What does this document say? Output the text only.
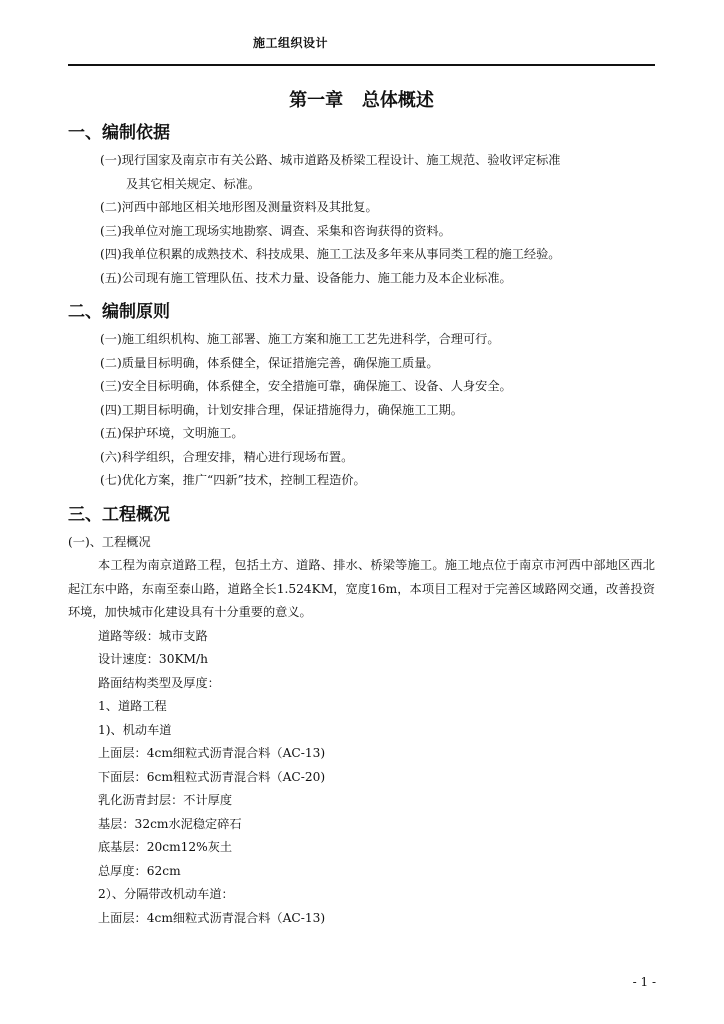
施工组织设计
第一章   总体概述
一、编制依据

(一)现行国家及南京市有关公路、城市道路及桥梁工程设计、施工规范、验收评定标准

及其它相关规定、标准。

(二)河西中部地区相关地形图及测量资料及其批复。

(三)我单位对施工现场实地勘察、调查、采集和咨询获得的资料。

(四)我单位积累的成熟技术、科技成果、施工工法及多年来从事同类工程的施工经验。

(五)公司现有施工管理队伍、技术力量、设备能力、施工能力及本企业标准。

二、编制原则

(一)施工组织机构、施工部署、施工方案和施工工艺先进科学，合理可行。

(二)质量目标明确，体系健全，保证措施完善，确保施工质量。

(三)安全目标明确，体系健全，安全措施可靠，确保施工、设备、人身安全。

(四)工期目标明确，计划安排合理，保证措施得力，确保施工工期。

(五)保护环境，文明施工。

(六)科学组织，合理安排，精心进行现场布置。

(七)优化方案，推广“四新”技术，控制工程造价。

三、工程概况

(一)、工程概况

本工程为南京道路工程，包括土方、道路、排水、桥梁等施工。施工地点位于南京市河西中部地区西北起江东中路，东南至泰山路，道路全长1.524KM，宽度16m，本项目工程对于完善区域路网交通，改善投资环境，加快城市化建设具有十分重要的意义。

道路等级：城市支路

设计速度：30KM/h

路面结构类型及厚度：

1、道路工程

1)、机动车道

上面层：4cm细粒式沥青混合料（AC-13)

下面层：6cm粗粒式沥青混合料（AC-20)

乳化沥青封层：不计厚度

基层：32cm水泥稳定碎石

底基层：20cm12%灰土

总厚度：62cm

2）、分隔带改机动车道：

上面层：4cm细粒式沥青混合料（AC-13)

- 1 -
